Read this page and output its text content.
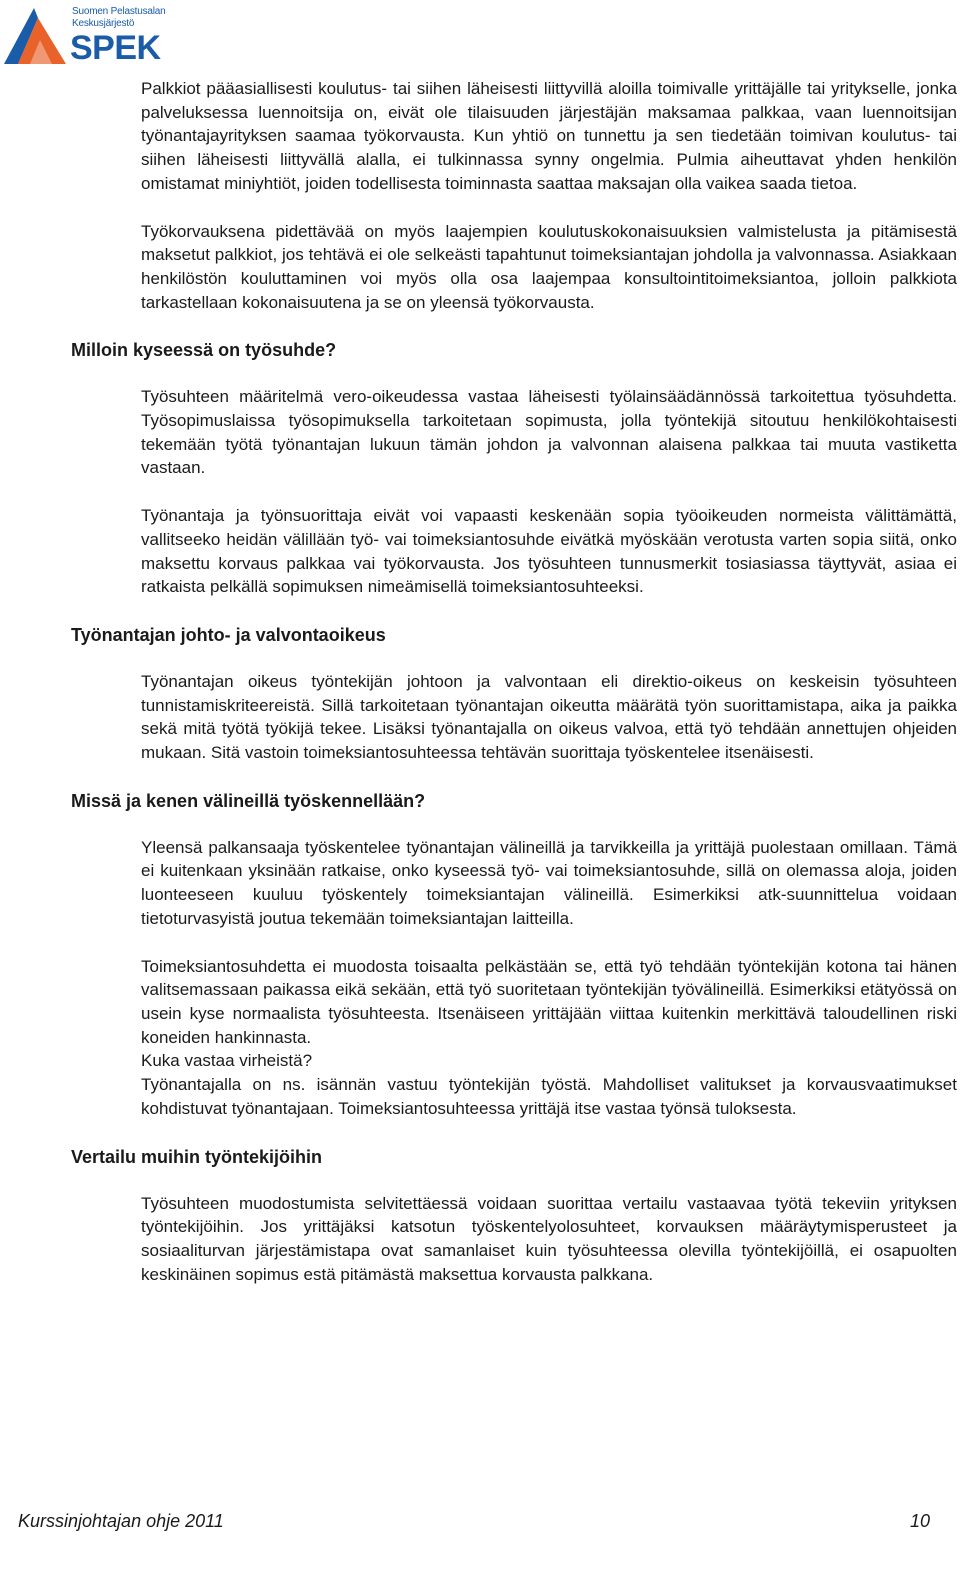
Suomen Pelastusalan
Keskusjärjestö
SPEK

Palkkiot pääasiallisesti koulutus- tai siihen läheisesti liittyvillä aloilla toimivalle yrittäjälle tai yritykselle, jonka palveluksessa luennoitsija on, eivät ole tilaisuuden järjestäjän maksamaa palkkaa, vaan luennoitsijan työnantajayrityksen saamaa työkorvausta. Kun yhtiö on tunnettu ja sen tiedetään toimivan koulutus- tai siihen läheisesti liittyvällä alalla, ei tulkinnassa synny ongelmia. Pulmia aiheuttavat yhden henkilön omistamat miniyhtiöt, joiden todellisesta toiminnasta saattaa maksajan olla vaikea saada tietoa.

Työkorvauksena pidettävää on myös laajempien koulutuskokonaisuuksien valmistelusta ja pitämisestä maksetut palkkiot, jos tehtävä ei ole selkeästi tapahtunut toimeksiantajan johdolla ja valvonnassa. Asiakkaan henkilöstön kouluttaminen voi myös olla osa laajempaa konsultointitoimeksiantoa, jolloin palkkiota tarkastellaan kokonaisuutena ja se on yleensä työkorvausta.

Milloin kyseessä on työsuhde?

Työsuhteen määritelmä vero-oikeudessa vastaa läheisesti työlainsäädännössä tarkoitettua työsuhdetta. Työsopimuslaissa työsopimuksella tarkoitetaan sopimusta, jolla työntekijä sitoutuu henkilökohtaisesti tekemään työtä työnantajan lukuun tämän johdon ja valvonnan alaisena palkkaa tai muuta vastiketta vastaan.

Työnantaja ja työnsuorittaja eivät voi vapaasti keskenään sopia työoikeuden normeista välittämättä, vallitseeko heidän välillään työ- vai toimeksiantosuhde eivätkä myöskään verotusta varten sopia siitä, onko maksettu korvaus palkkaa vai työkorvausta. Jos työsuhteen tunnusmerkit tosiasiassa täyttyvät, asiaa ei ratkaista pelkällä sopimuksen nimeämisellä toimeksiantosuhteeksi.

Työnantajan johto- ja valvontaoikeus

Työnantajan oikeus työntekijän johtoon ja valvontaan eli direktio-oikeus on keskeisin työsuhteen tunnistamiskriteereistä. Sillä tarkoitetaan työnantajan oikeutta määrätä työn suorittamistapa, aika ja paikka sekä mitä työtä työkijä tekee. Lisäksi työnantajalla on oikeus valvoa, että työ tehdään annettujen ohjeiden mukaan. Sitä vastoin toimeksiantosuhteessa tehtävän suorittaja työskentelee itsenäisesti.

Missä ja kenen välineillä työskennellään?

Yleensä palkansaaja työskentelee työnantajan välineillä ja tarvikkeilla ja yrittäjä puolestaan omillaan. Tämä ei kuitenkaan yksinään ratkaise, onko kyseessä työ- vai toimeksiantosuhde, sillä on olemassa aloja, joiden luonteeseen kuuluu työskentely toimeksiantajan välineillä. Esimerkiksi atk-suunnittelua voidaan tietoturvasyistä joutua tekemään toimeksiantajan laitteilla.

Toimeksiantosuhdetta ei muodosta toisaalta pelkästään se, että työ tehdään työntekijän kotona tai hänen valitsemassaan paikassa eikä sekään, että työ suoritetaan työntekijän työvälineillä. Esimerkiksi etätyössä on usein kyse normaalista työsuhteesta. Itsenäiseen yrittäjään viittaa kuitenkin merkittävä taloudellinen riski koneiden hankinnasta.

Kuka vastaa virheistä?

Työnantajalla on ns. isännän vastuu työntekijän työstä. Mahdolliset valitukset ja korvausvaatimukset kohdistuvat työnantajaan. Toimeksiantosuhteessa yrittäjä itse vastaa työnsä tuloksesta.

Vertailu muihin työntekijöihin

Työsuhteen muodostumista selvitettäessä voidaan suorittaa vertailu vastaavaa työtä tekeviin yrityksen työntekijöihin. Jos yrittäjäksi katsotun työskentelyolosuhteet, korvauksen määräytymisperusteet ja sosiaaliturvan järjestämistapa ovat samanlaiset kuin työsuhteessa olevilla työntekijöillä, ei osapuolten keskinäinen sopimus estä pitämästä maksettua korvausta palkkana.

Kurssinjohtajan ohje 2011	10
